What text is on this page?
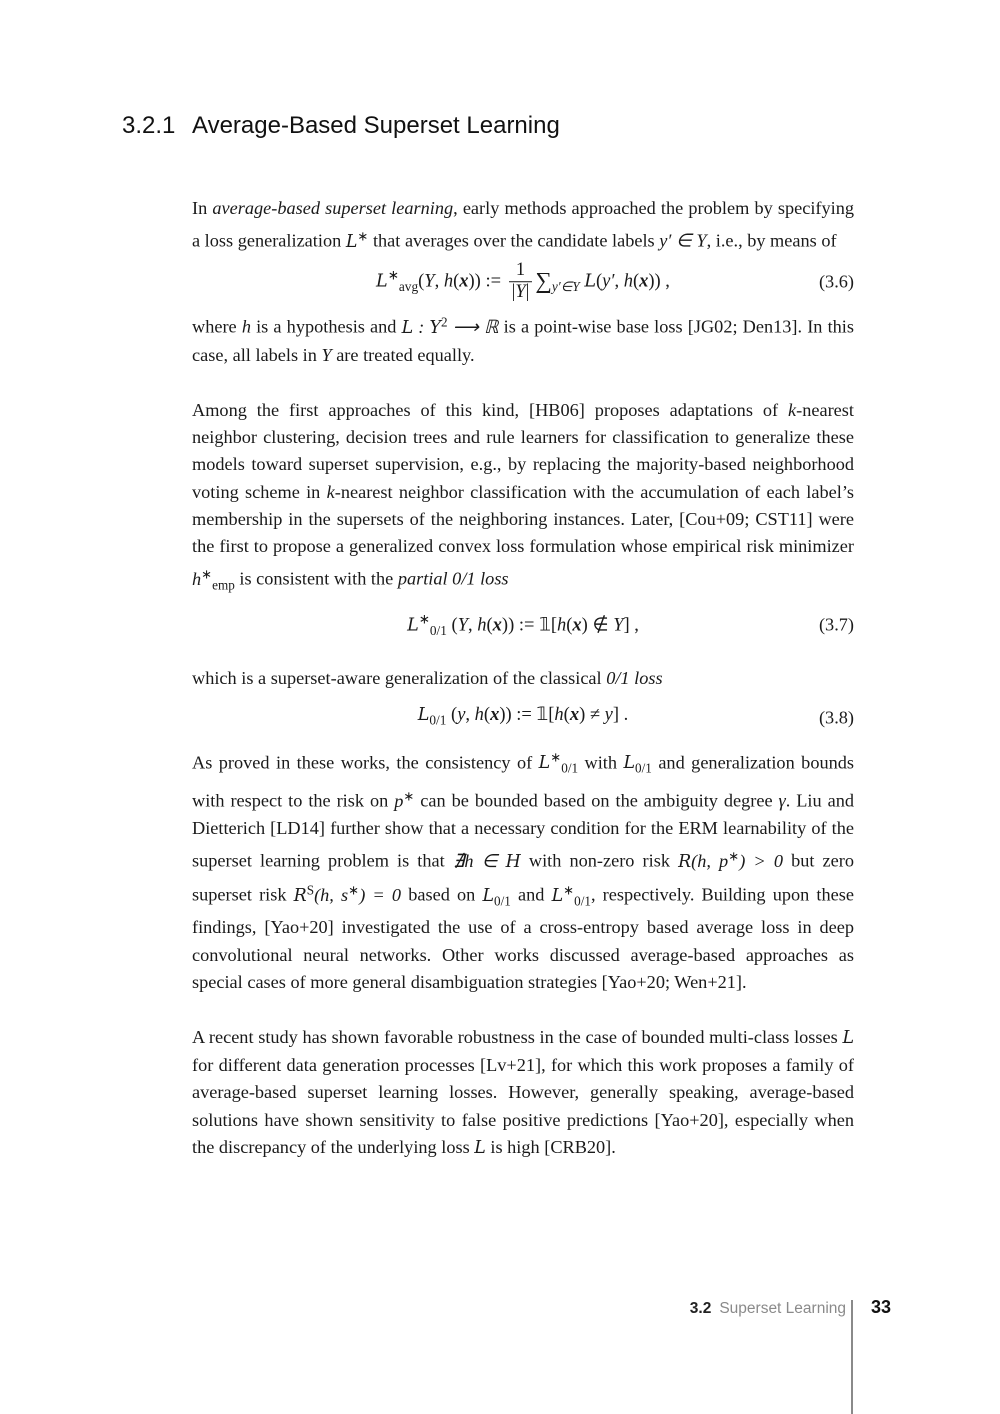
3.2.1 Average-Based Superset Learning

In average-based superset learning, early methods approached the problem by specifying a loss generalization L∗ that averages over the candidate labels y′ ∈ Y, i.e., by means of

$L^∗_{avg}(Y$, h(x)) := $\frac{1}{|Y|} \sum_{y'\in Y}$ L(y′, h(x)) ,	(3.6)

where h is a hypothesis and L : $Y^2$ ⟶ ℝ is a point-wise base loss [JG02; Den13]. In this case, all labels in Y are treated equally.

Among the first approaches of this kind, [HB06] proposes adaptations of k-nearest neighbor clustering, decision trees and rule learners for classification to generalize these models toward superset supervision, e.g., by replacing the majority-based neighborhood voting scheme in k-nearest neighbor classification with the accumulation of each label’s membership in the supersets of the neighboring instances. Later, [Cou+09; CST11] were the first to propose a generalized convex loss formulation whose empirical risk minimizer $h^∗_{emp}$ is consistent with the partial 0/1 loss

$L^∗_{0/1}$ (Y, h(x)) := 𝟙[h(x) ∉ Y] ,	(3.7)

which is a superset-aware generalization of the classical 0/1 loss

$L_{0/1}$ (y, h(x)) := 𝟙[h(x) ≠ y] .	(3.8)

As proved in these works, the consistency of $L^∗_{0/1}$ with $L_{0/1}$ and generalization bounds with respect to the risk on p∗ can be bounded based on the ambiguity degree γ. Liu and Dietterich [LD14] further show that a necessary condition for the ERM learnability of the superset learning problem is that ∄h ∈ H with non-zero risk R(h, p∗) > 0 but zero superset risk $R^S(h$, s∗) = 0 based on $L_{0/1}$ and $L^∗_{0/1}$, respectively. Building upon these findings, [Yao+20] investigated the use of a cross-entropy based average loss in deep convolutional neural networks. Other works discussed average-based approaches as special cases of more general disambiguation strategies [Yao+20; Wen+21].

A recent study has shown favorable robustness in the case of bounded multi-class losses L for different data generation processes [Lv+21], for which this work proposes a family of average-based superset learning losses. However, generally speaking, average-based solutions have shown sensitivity to false positive predictions [Yao+20], especially when the discrepancy of the underlying loss L is high [CRB20].

3.2 Superset Learning 33
